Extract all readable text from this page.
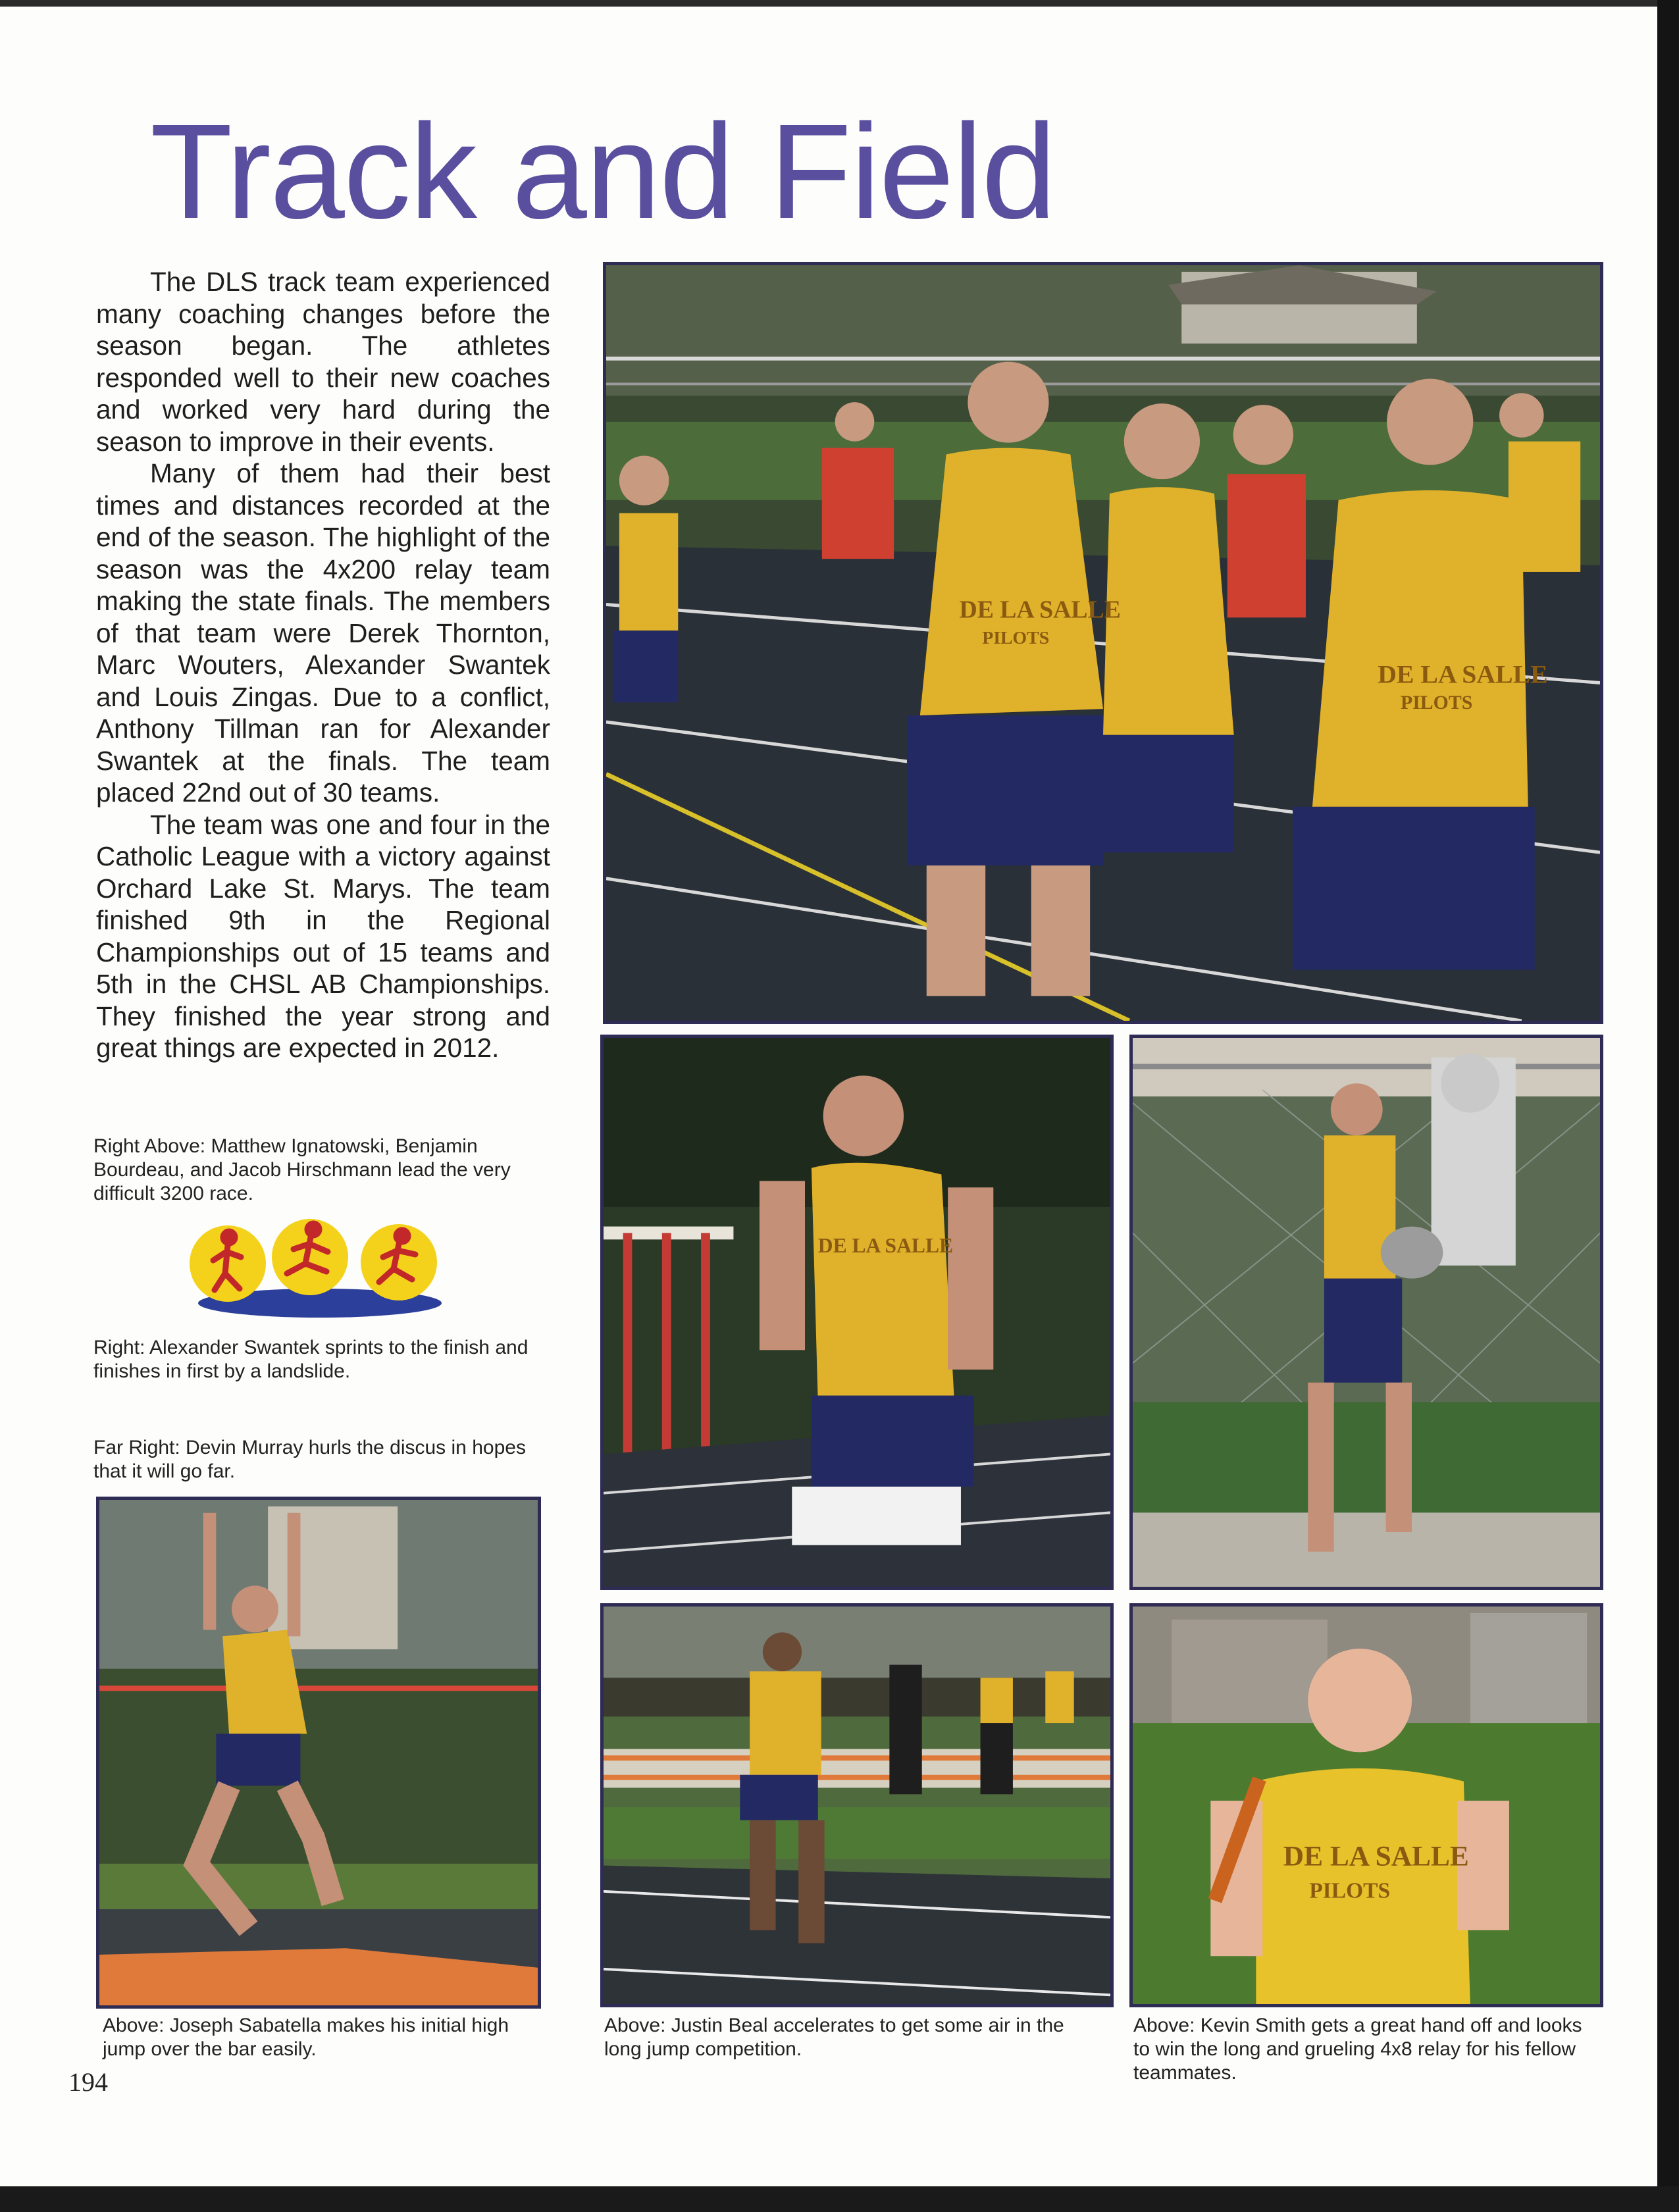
Track and Field

The DLS track team experienced many coaching changes before the season began. The athletes responded well to their new coaches and worked very hard during the season to improve in their events.

Many of them had their best times and distances recorded at the end of the season. The highlight of the season was the 4x200 relay team making the state finals. The members of that team were Derek Thornton, Marc Wouters, Alexander Swantek and Louis Zingas. Due to a conflict, Anthony Tillman ran for Alexander Swantek at the finals. The team placed 22nd out of 30 teams.

The team was one and four in the Catholic League with a victory against Orchard Lake St. Marys. The team finished 9th in the Regional Championships out of 15 teams and 5th in the CHSL AB Championships. They finished the year strong and great things are expected in 2012.

Right Above: Matthew Ignatowski, Benjamin Bourdeau, and Jacob Hirschmann lead the very difficult 3200 race.
Right: Alexander Swantek sprints to the finish and finishes in first by a landslide.
Far Right: Devin Murray hurls the discus in hopes that it will go far.
DE LA SALLE
PILOTS
DE LA SALLE
PILOTS
DE LA SALLE
DE LA SALLE
PILOTS
Above: Joseph Sabatella makes his initial high jump over the bar easily.
Above: Justin Beal accelerates to get some air in the long jump competition.
Above: Kevin Smith gets a great hand off and looks to win the long and grueling 4x8 relay for his fellow teammates.
194
